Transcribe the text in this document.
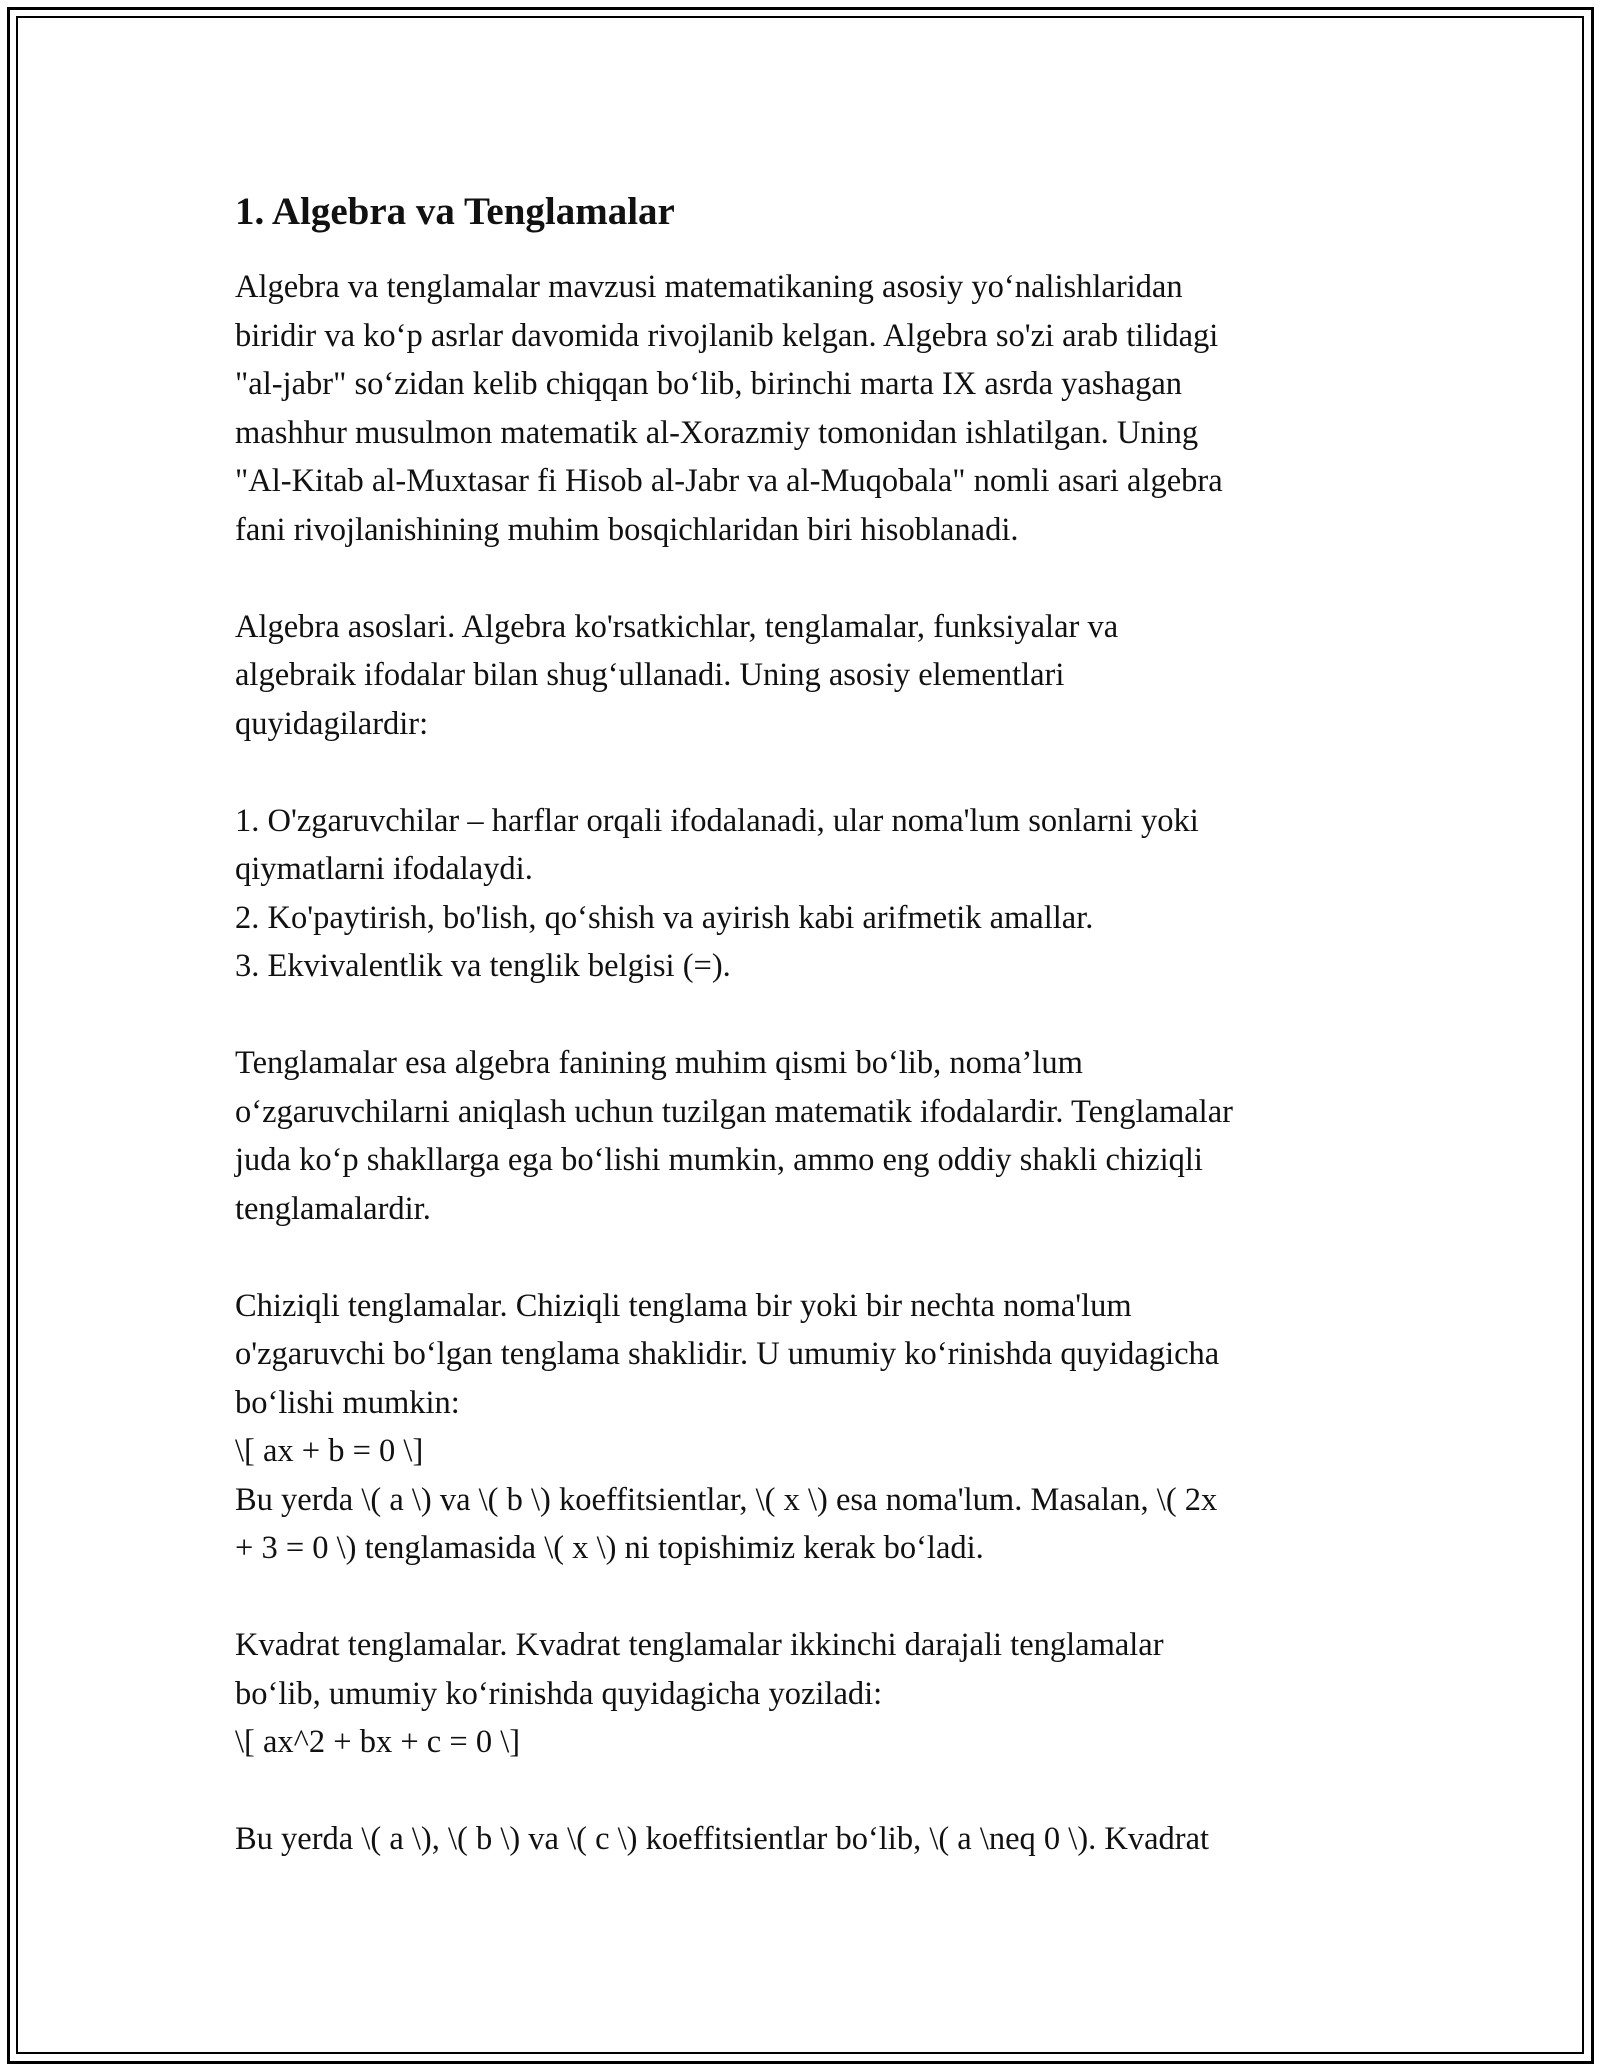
1. Algebra va Tenglamalar
Algebra va tenglamalar mavzusi matematikaning asosiy yo‘nalishlaridan
biridir va ko‘p asrlar davomida rivojlanib kelgan. Algebra so'zi arab tilidagi
"al-jabr" so‘zidan kelib chiqqan bo‘lib, birinchi marta IX asrda yashagan
mashhur musulmon matematik al-Xorazmiy tomonidan ishlatilgan. Uning
"Al-Kitab al-Muxtasar fi Hisob al-Jabr va al-Muqobala" nomli asari algebra
fani rivojlanishining muhim bosqichlaridan biri hisoblanadi.
Algebra asoslari. Algebra ko'rsatkichlar, tenglamalar, funksiyalar va
algebraik ifodalar bilan shug‘ullanadi. Uning asosiy elementlari
quyidagilardir:
1. O'zgaruvchilar – harflar orqali ifodalanadi, ular noma'lum sonlarni yoki
qiymatlarni ifodalaydi.
2. Ko'paytirish, bo'lish, qo‘shish va ayirish kabi arifmetik amallar.
3. Ekvivalentlik va tenglik belgisi (=).
Tenglamalar esa algebra fanining muhim qismi bo‘lib, noma’lum
o‘zgaruvchilarni aniqlash uchun tuzilgan matematik ifodalardir. Tenglamalar
juda ko‘p shakllarga ega bo‘lishi mumkin, ammo eng oddiy shakli chiziqli
tenglamalardir.
Chiziqli tenglamalar. Chiziqli tenglama bir yoki bir nechta noma'lum
o'zgaruvchi bo‘lgan tenglama shaklidir. U umumiy ko‘rinishda quyidagicha
bo‘lishi mumkin:
\[ ax + b = 0 \]
Bu yerda \( a \) va \( b \) koeffitsientlar, \( x \) esa noma'lum. Masalan, \( 2x
+ 3 = 0 \) tenglamasida \( x \) ni topishimiz kerak bo‘ladi.
Kvadrat tenglamalar. Kvadrat tenglamalar ikkinchi darajali tenglamalar
bo‘lib, umumiy ko‘rinishda quyidagicha yoziladi:
\[ ax^2 + bx + c = 0 \]
Bu yerda \( a \), \( b \) va \( c \) koeffitsientlar bo‘lib, \( a \neq 0 \). Kvadrat
